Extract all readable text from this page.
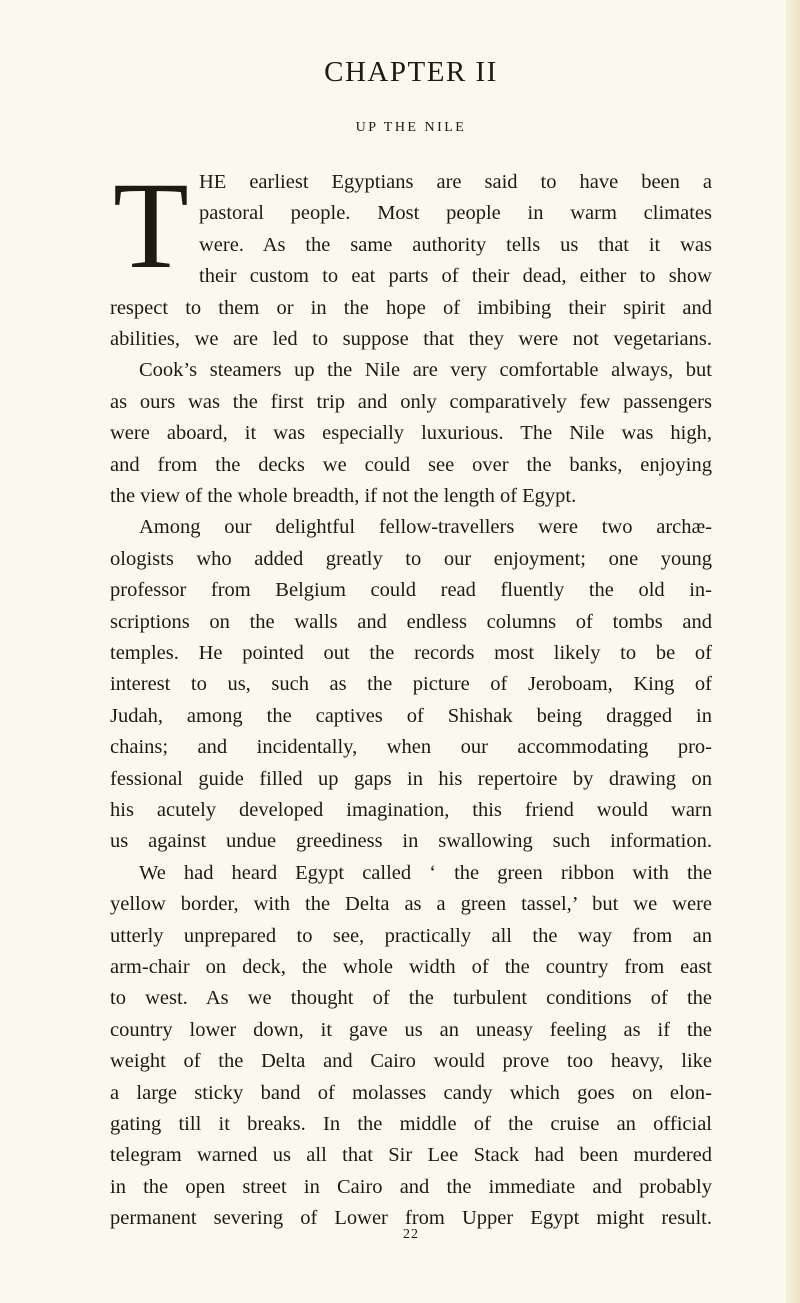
CHAPTER II
UP THE NILE
T HE earliest Egyptians are said to have been a
pastoral people. Most people in warm climates
were. As the same authority tells us that it was
their custom to eat parts of their dead, either to show
respect to them or in the hope of imbibing their spirit and
abilities, we are led to suppose that they were not vegetarians.
Cook’s steamers up the Nile are very comfortable always, but
as ours was the first trip and only comparatively few passengers
were aboard, it was especially luxurious. The Nile was high,
and from the decks we could see over the banks, enjoying
the view of the whole breadth, if not the length of Egypt.
Among our delightful fellow-travellers were two archæ-
ologists who added greatly to our enjoyment; one young
professor from Belgium could read fluently the old in-
scriptions on the walls and endless columns of tombs and
temples. He pointed out the records most likely to be of
interest to us, such as the picture of Jeroboam, King of
Judah, among the captives of Shishak being dragged in
chains; and incidentally, when our accommodating pro-
fessional guide filled up gaps in his repertoire by drawing on
his acutely developed imagination, this friend would warn
us against undue greediness in swallowing such information.
We had heard Egypt called ‘ the green ribbon with the
yellow border, with the Delta as a green tassel,’ but we were
utterly unprepared to see, practically all the way from an
arm-chair on deck, the whole width of the country from east
to west. As we thought of the turbulent conditions of the
country lower down, it gave us an uneasy feeling as if the
weight of the Delta and Cairo would prove too heavy, like
a large sticky band of molasses candy which goes on elon-
gating till it breaks. In the middle of the cruise an official
telegram warned us all that Sir Lee Stack had been murdered
in the open street in Cairo and the immediate and probably
permanent severing of Lower from Upper Egypt might result.
22
